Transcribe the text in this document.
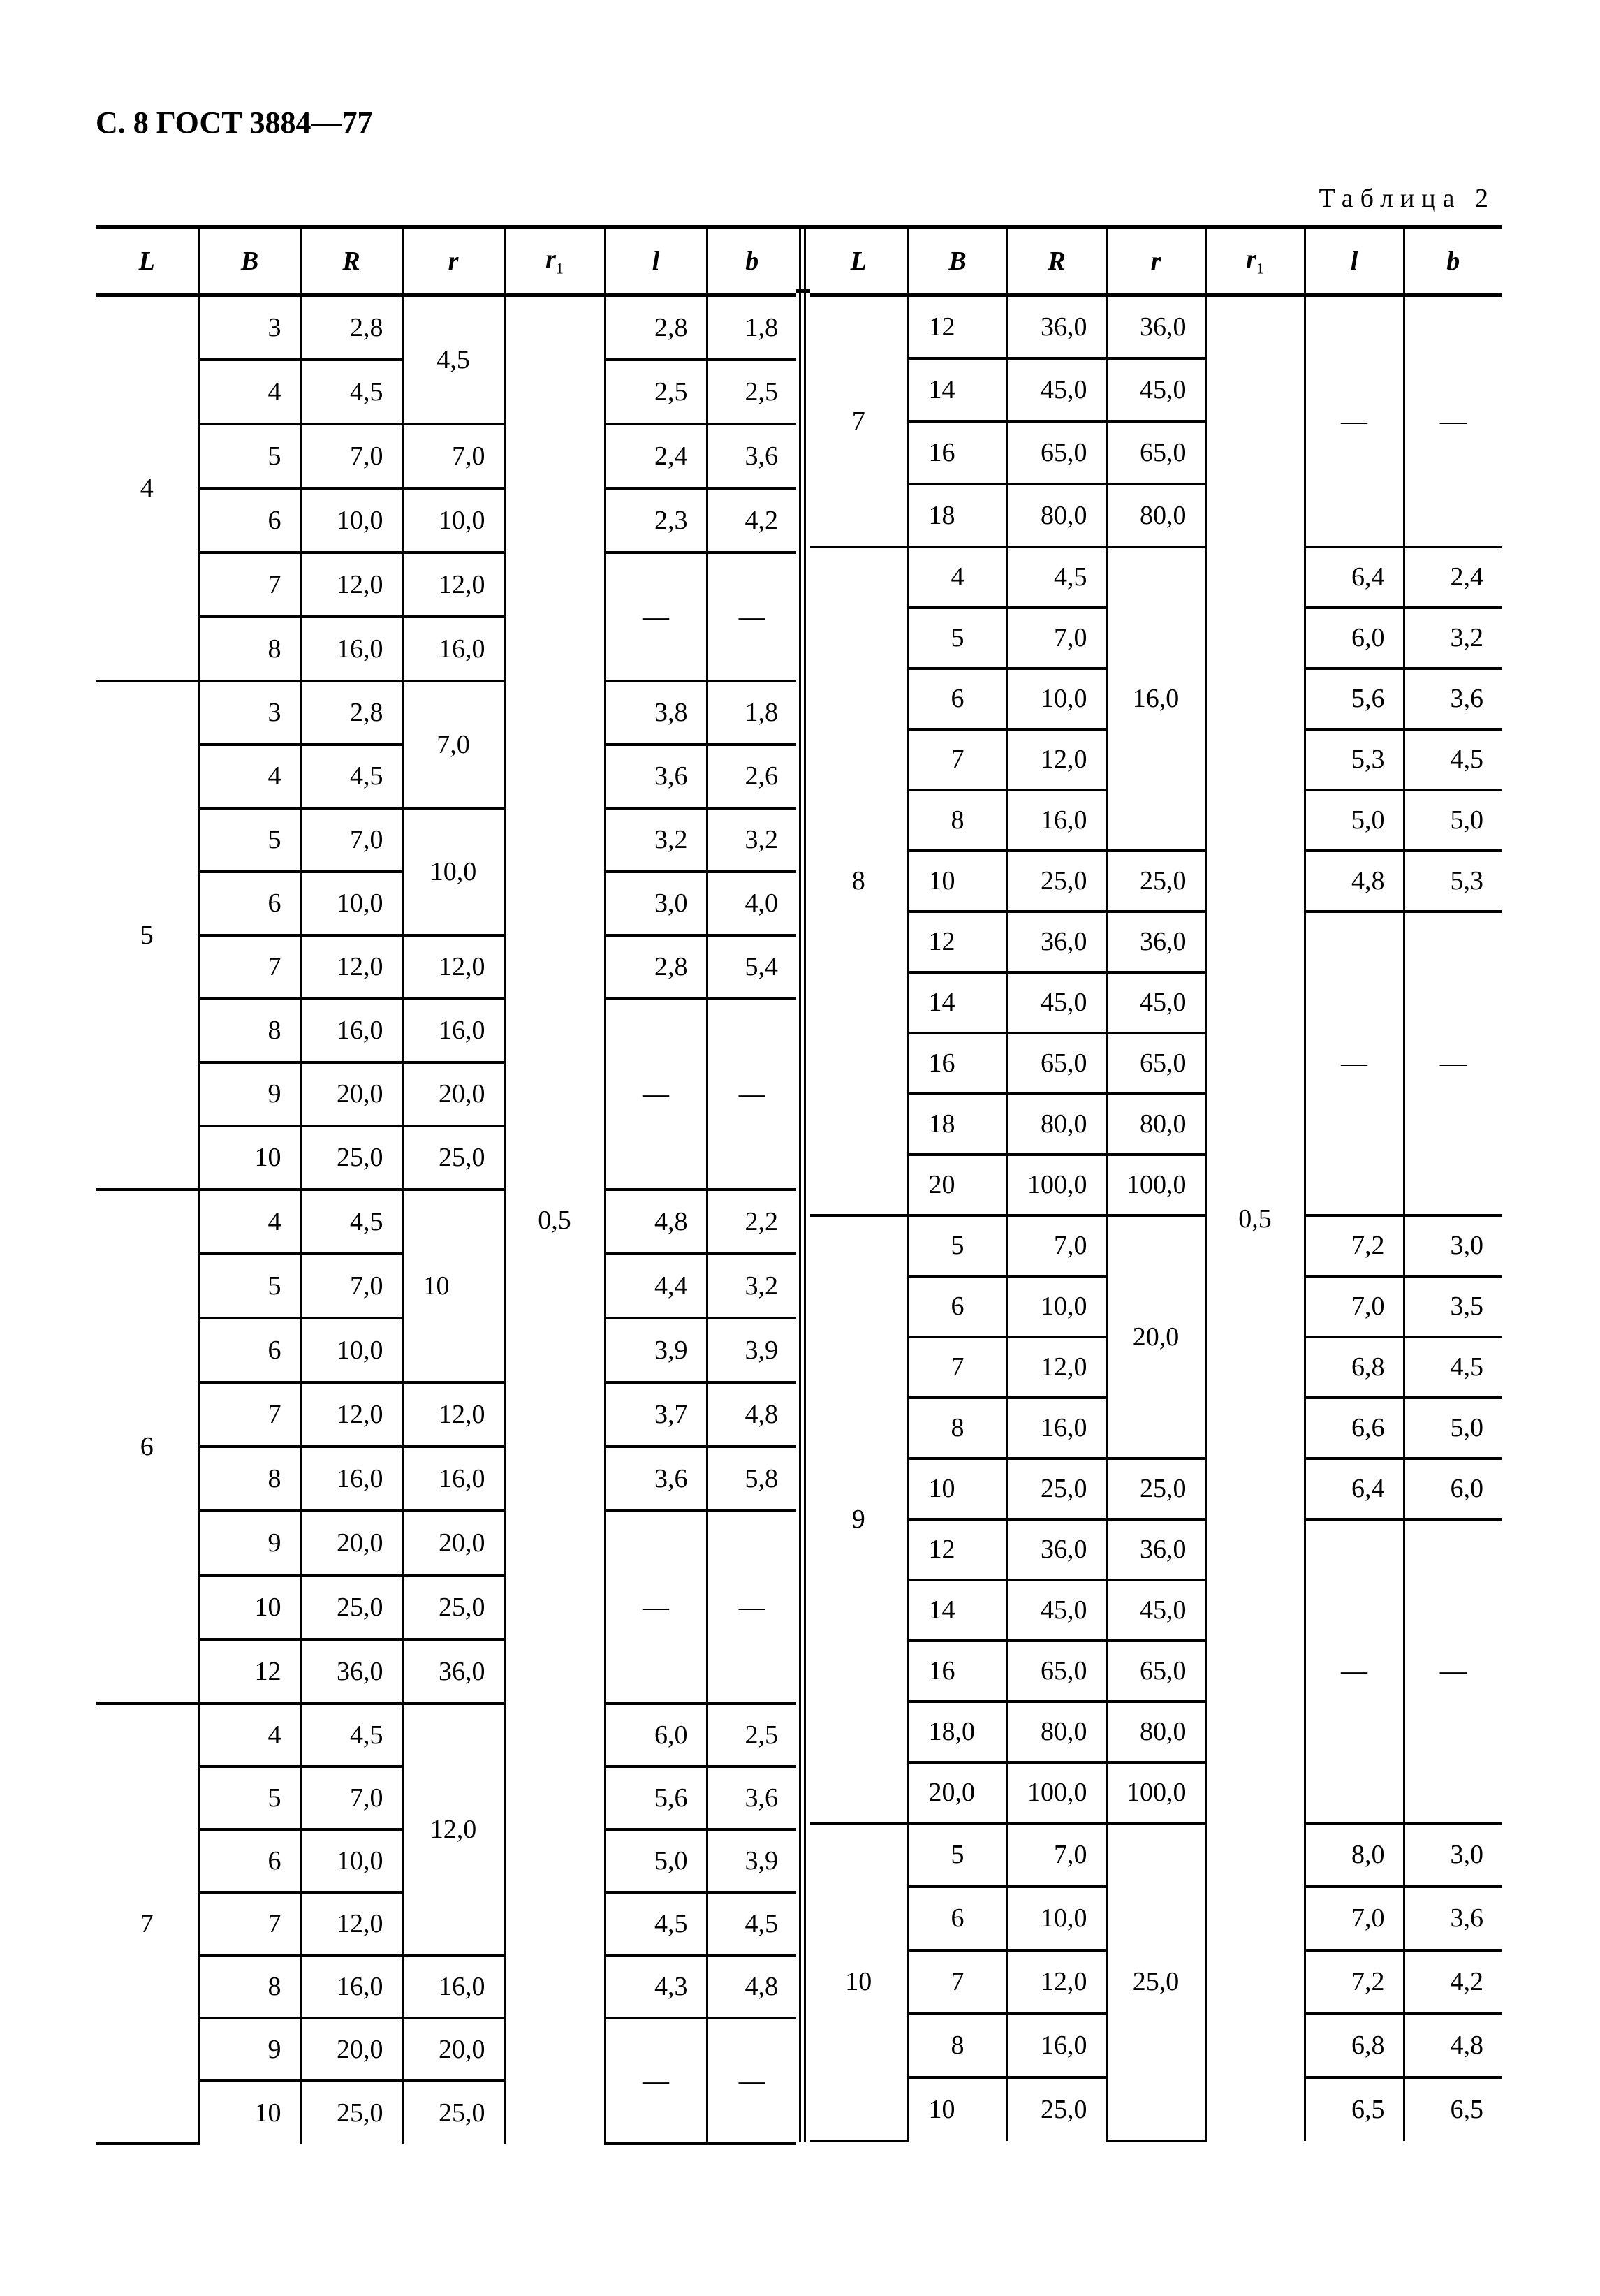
С. 8 ГОСТ 3884—77
Таблица 2
L	B	R	r	$r_1$	l	b
4	3	2,8	4,5	0,5	2,8	1,8
	4	4,5			2,5	2,5
	5	7,0	7,0		2,4	3,6
	6	10,0	10,0		2,3	4,2
	7	12,0	12,0		—	—
	8	16,0	16,0			
5	3	2,8	7,0		3,8	1,8
	4	4,5			3,6	2,6
	5	7,0	10,0		3,2	3,2
	6	10,0			3,0	4,0
	7	12,0	12,0		2,8	5,4
	8	16,0	16,0		—	—
	9	20,0	20,0			
	10	25,0	25,0			
6	4	4,5	10		4,8	2,2
	5	7,0			4,4	3,2
	6	10,0			3,9	3,9
	7	12,0	12,0		3,7	4,8
	8	16,0	16,0		3,6	5,8
	9	20,0	20,0		—	—
	10	25,0	25,0			
	12	36,0	36,0			
7	4	4,5	12,0		6,0	2,5
	5	7,0			5,6	3,6
	6	10,0			5,0	3,9
	7	12,0			4,5	4,5
	8	16,0	16,0		4,3	4,8
	9	20,0	20,0		—	—
	10	25,0	25,0			
L	B	R	r	$r_1$	l	b
7	12	36,0	36,0	0,5	—	—
	14	45,0	45,0			
	16	65,0	65,0			
	18	80,0	80,0			
8	4	4,5	16,0		6,4	2,4
	5	7,0			6,0	3,2
	6	10,0			5,6	3,6
	7	12,0			5,3	4,5
	8	16,0			5,0	5,0
	10	25,0	25,0		4,8	5,3
	12	36,0	36,0		—	—
	14	45,0	45,0			
	16	65,0	65,0			
	18	80,0	80,0			
	20	100,0	100,0			
9	5	7,0	20,0		7,2	3,0
	6	10,0			7,0	3,5
	7	12,0			6,8	4,5
	8	16,0			6,6	5,0
	10	25,0	25,0		6,4	6,0
	12	36,0	36,0		—	—
	14	45,0	45,0			
	16	65,0	65,0			
	18,0	80,0	80,0			
	20,0	100,0	100,0			
10	5	7,0	25,0		8,0	3,0
	6	10,0			7,0	3,6
	7	12,0			7,2	4,2
	8	16,0			6,8	4,8
	10	25,0			6,5	6,5
